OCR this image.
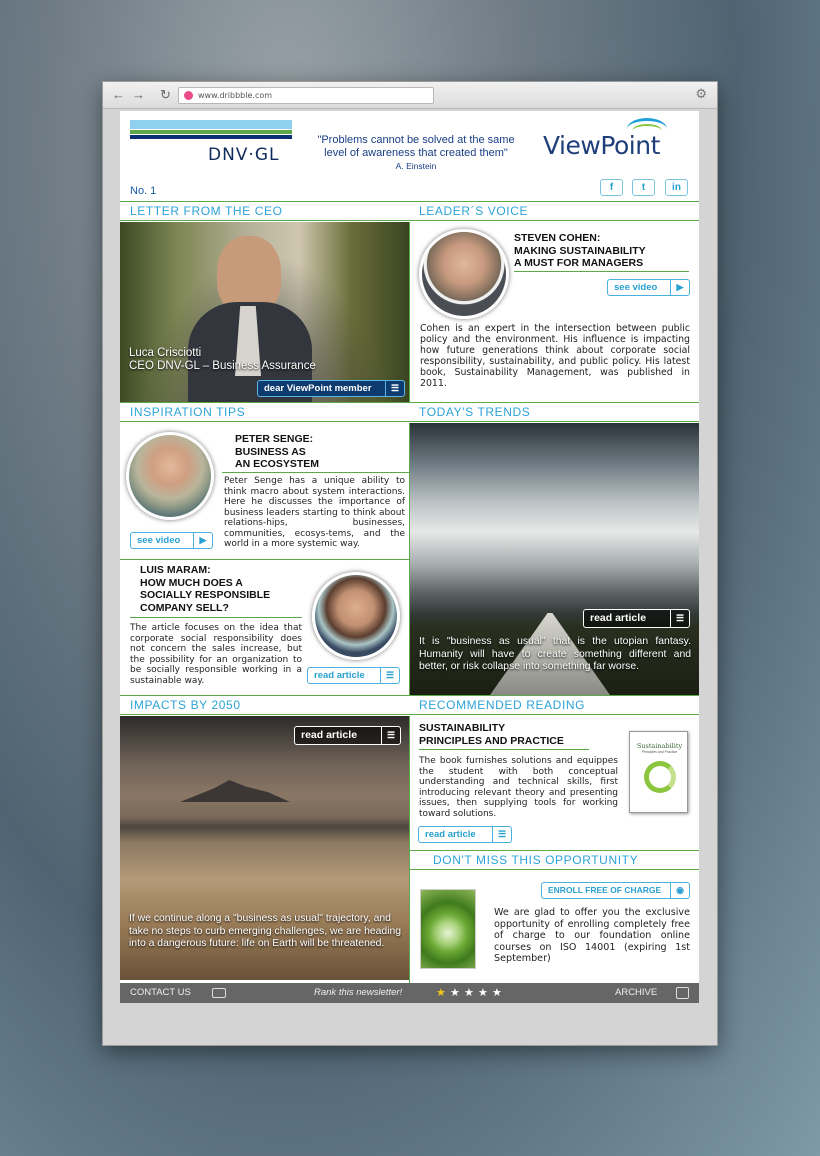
← → ↻	www.dribbble.com	⚙
DNV·GL
"Problems cannot be solved at the same level of awareness that created them"
A. Einstein
ViewPoint
No. 1	f	t	in
LETTER FROM THE CEO	LEADER´S VOICE
Luca Crisciotti
CEO DNV-GL – Business Assurance
dear ViewPoint member	☰
STEVEN COHEN:
MAKING SUSTAINABILITY
A MUST FOR MANAGERS
see video	▶
Cohen is an expert in the intersection between public policy and the environment. His influence is impacting how future generations think about corporate social responsibility, sustainability, and public policy. His latest book, Sustainability Management, was published in 2011.
INSPIRATION TIPS	TODAY'S TRENDS
PETER SENGE:
BUSINESS AS
AN ECOSYSTEM
Peter Senge has a unique ability to think macro about system interactions. Here he discusses the importance of business leaders starting to think about relations-hips, businesses, communities, ecosys-tems, and the world in a more systemic way.
see video	▶
LUIS MARAM:
HOW MUCH DOES A
SOCIALLY RESPONSIBLE
COMPANY SELL?
The article focuses on the idea that corporate social responsibility does not concern the sales increase, but the possibility for an organization to be socially responsible working in a sustainable way.	read article	☰
read article	☰
It is "business as usual" that is the utopian fantasy. Humanity will have to create something different and better, or risk collapse into something far worse.
IMPACTS BY 2050	RECOMMENDED READING
read article	☰
If we continue along a "business as usual" trajectory, and take no steps to curb emerging challenges, we are heading into a dangerous future: life on Earth will be threatened.
SUSTAINABILITY
PRINCIPLES AND PRACTICE
The book furnishes solutions and equippes the student with both conceptual understanding and technical skills, first introducing relevant theory and presenting issues, then supplying tools for working toward solutions.
Sustainability
Principles and Practice
read article	☰
DON'T MISS THIS OPPORTUNITY
ENROLL FREE OF CHARGE	◉
We are glad to offer you the exclusive opportunity of enrolling completely free of charge to our foundation online courses on ISO 14001 (expiring 1st September)
CONTACT US	Rank this newsletter!	★ ★ ★ ★ ★	ARCHIVE
